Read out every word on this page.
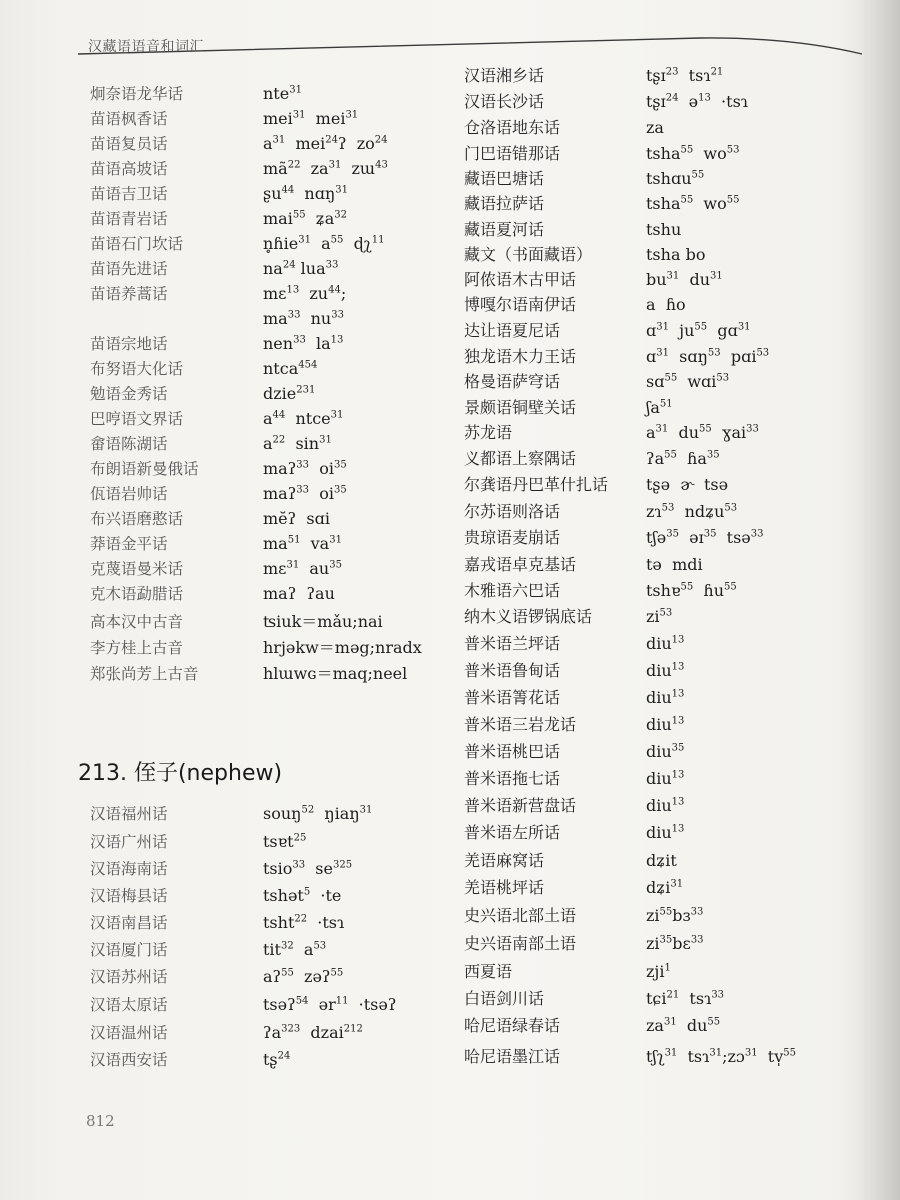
汉藏语语音和词汇
炯奈语龙华话	nte$^{31}$
苗语枫香话	mei$^{31}$  mei$^{31}$
苗语复员话	$a^{31}$  mei$^{24}$ʔ  $zo^{24}$
苗语高坡话	$mã^{22}$  $za^{31}$  zɯ$^{43}$
苗语吉卫话	ʂu$^{44}$  nɑŋ$^{31}$
苗语青岩话	mai$^{55}$  ʑa$^{32}$
苗语石门坎话	n̥ɦie$^{31}$  $a^{55}$  ɖʅ$^{11}$
苗语先进话	$na^{24}$ lua$^{33}$
苗语养蒿话	mɛ$^{13}$  $zu^{44}$;
$ma^{33}$  $nu^{33}$
苗语宗地话	nen$^{33}$  $la^{13}$
布努语大化话	ntca$^{454}$
勉语金秀话	dzie$^{231}$
巴哼语文界话	$a^{44}$  ntce$^{31}$
畲语陈湖话	$a^{22}$  $\sin^{31}$
布朗语新曼俄话	maʔ$^{33}$  $oi^{35}$
佤语岩帅话	maʔ$^{33}$  $oi^{35}$
布兴语磨憨话	mĕʔ  sɑi
莽语金平话	$ma^{51}$  $va^{31}$
克蔑语曼米话	mɛ$^{31}$  $au^{35}$
克木语勐腊话	maʔ  ʔau
高本汉中古音	ʦiuk＝mǎu;nai
李方桂上古音	hrjəkw＝məg;nradx
郑张尚芳上古音	hlɯwɢ＝maq;neel
汉语福州话	souŋ$^{52}$  ŋiaŋ$^{31}$
汉语广州话	tsɐt$^{25}$
汉语海南话	tsio$^{33}$  $se^{325}$
汉语梅县话	tshət$^5$  ·te
汉语南昌话	tsht$^{22}$  ·tsɿ
汉语厦门话	tit$^{32}$  $a^{53}$
汉语苏州话	aʔ$^{55}$  zəʔ$^{55}$
汉语太原话	tsəʔ$^{54}$  ər$^{11}$  ·tsəʔ
汉语温州话	ʔa$^{323}$  dzai$^{212}$
汉语西安话	tʂ$^{24}$
汉语湘乡话	tʂɪ$^{23}$  tsɿ$^{21}$
汉语长沙话	tʂɪ$^{24}$  ə$^{13}$  ·tsɿ
仓洛语地东话	za
门巴语错那话	tsha$^{55}$  $wo^{53}$
藏语巴塘话	tshɑu$^{55}$
藏语拉萨话	tsha$^{55}$  $wo^{55}$
藏语夏河话	tshu
藏文（书面藏语）	tsha bo
阿侬语木古甲话	$bu^{31}$  $du^{31}$
博嘎尔语南伊话	a  ɦo
达让语夏尼话	ɑ$^{31}$  $ju^{55}$  gɑ$^{31}$
独龙语木力王话	ɑ$^{31}$  sɑŋ$^{53}$  pɑi$^{53}$
格曼语萨穹话	sɑ$^{55}$  wɑi$^{53}$
景颇语铜壁关话	ʃa$^{51}$
苏龙语	$a^{31}$  $du^{55}$  ɣai$^{33}$
义都语上察隅话	ʔa$^{55}$  ɦa$^{35}$
尔龚语丹巴革什扎话 tʂə  ɚ  tsə
尔苏语则洛话	zɿ$^{53}$  ndʑu$^{53}$
贵琼语麦崩话	tʃə$^{35}$  əɪ$^{35}$  tsə$^{33}$
嘉戎语卓克基话	tə  mdi
木雅语六巴话	tshɐ$^{55}$  ɦu$^{55}$
纳木义语锣锅底话	$zi^{53}$
普米语兰坪话	diu$^{13}$
普米语鲁甸话	diu$^{13}$
普米语箐花话	diu$^{13}$
普米语三岩龙话	diu$^{13}$
普米语桃巴话	diu$^{35}$
普米语拖七话	diu$^{13}$
普米语新营盘话	diu$^{13}$
普米语左所话	diu$^{13}$
羌语麻窝话	dʑit
羌语桃坪话	dʑi$^{31}$
史兴语北部土语	$zi^{55}bɜ^{33}$
史兴语南部土语	$zi^{35}bɛ^{33}$
西夏语	zji$^1$
白语剑川话	tɕi$^{21}$  tsɿ$^{33}$
哈尼语绿春话	$za^{31}$  $du^{55}$
哈尼语墨江话	tʃʅ$^{31}$  tsɿ$^{31}$;zɔ$^{31}$  tv̩$^{55}$
213. 侄子(nephew)
812
